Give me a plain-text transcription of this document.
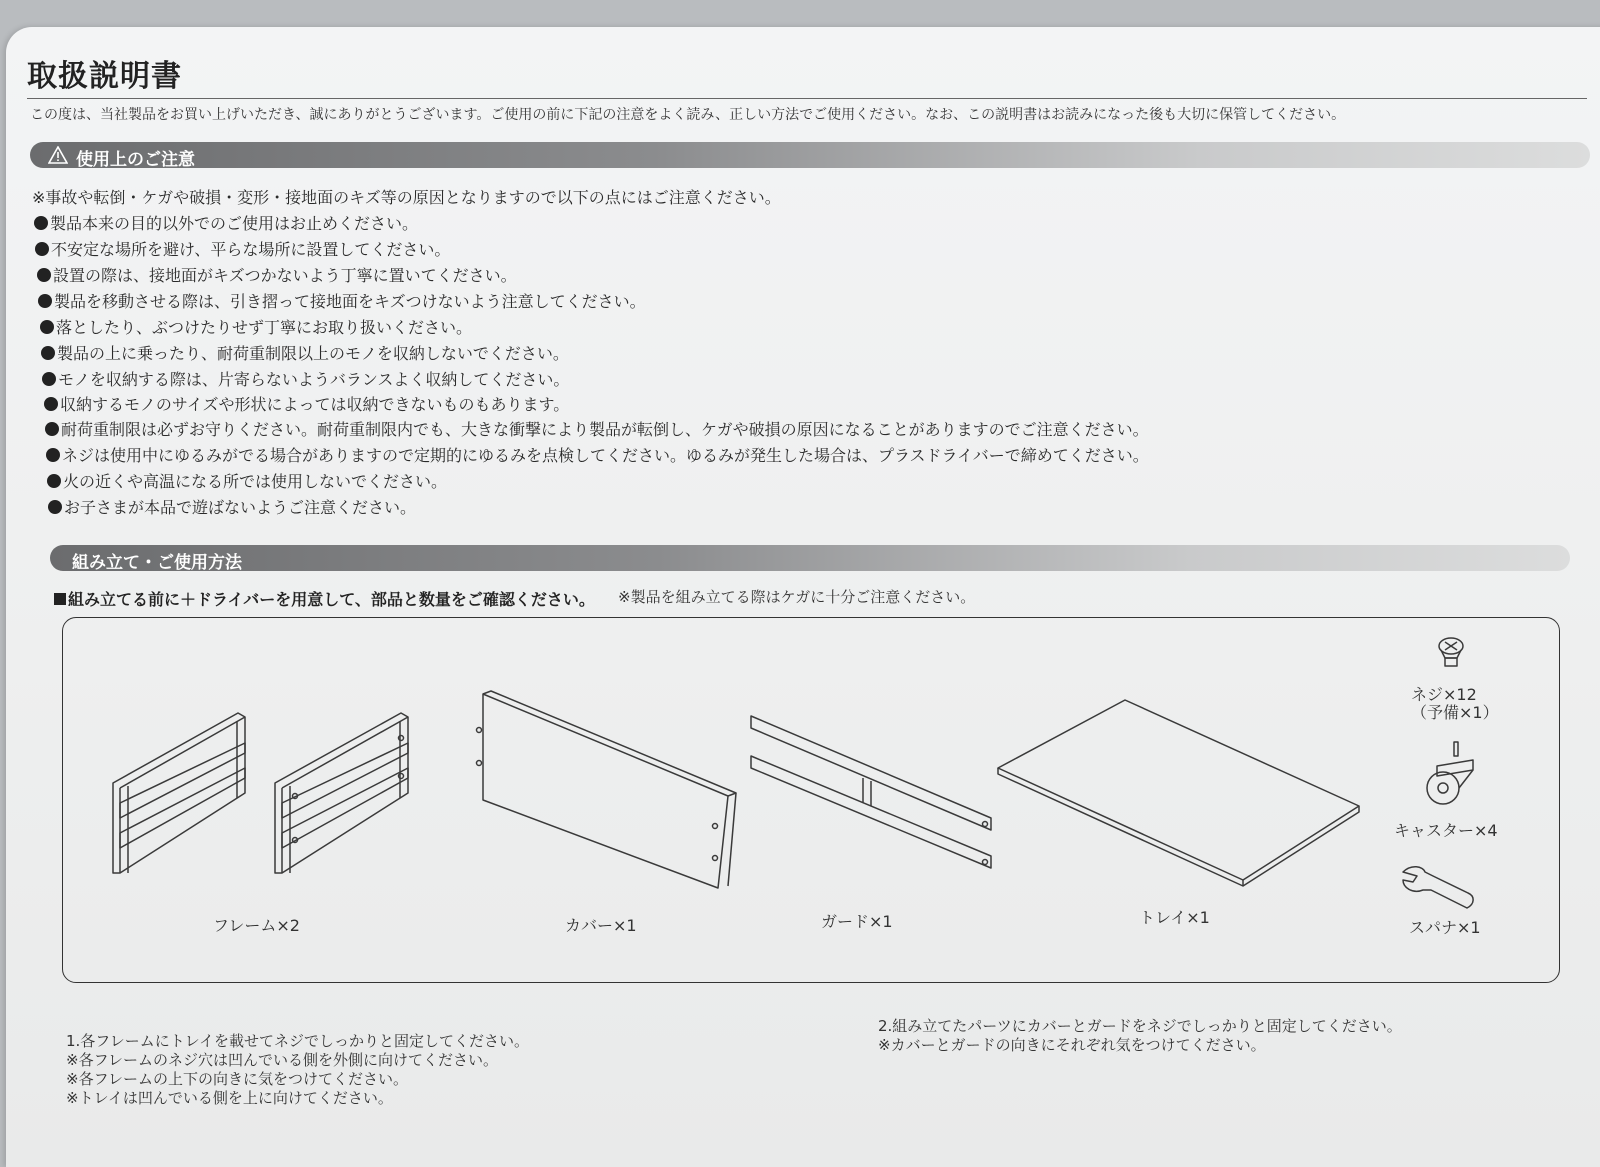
取扱説明書
この度は、当社製品をお買い上げいただき、誠にありがとうございます。ご使用の前に下記の注意をよく読み、正しい方法でご使用ください。なお、この説明書はお読みになった後も大切に保管してください。
使用上のご注意
※事故や転倒・ケガや破損・変形・接地面のキズ等の原因となりますので以下の点にはご注意ください。
製品本来の目的以外でのご使用はお止めください。
不安定な場所を避け、平らな場所に設置してください。
設置の際は、接地面がキズつかないよう丁寧に置いてください。
製品を移動させる際は、引き摺って接地面をキズつけないよう注意してください。
落としたり、ぶつけたりせず丁寧にお取り扱いください。
製品の上に乗ったり、耐荷重制限以上のモノを収納しないでください。
モノを収納する際は、片寄らないようバランスよく収納してください。
収納するモノのサイズや形状によっては収納できないものもあります。
耐荷重制限は必ずお守りください。耐荷重制限内でも、大きな衝撃により製品が転倒し、ケガや破損の原因になることがありますのでご注意ください。
ネジは使用中にゆるみがでる場合がありますので定期的にゆるみを点検してください。ゆるみが発生した場合は、プラスドライバーで締めてください。
火の近くや高温になる所では使用しないでください。
お子さまが本品で遊ばないようご注意ください。
組み立て・ご使用方法
組み立てる前に＋ドライバーを用意して、部品と数量をご確認ください。 ※製品を組み立てる際はケガに十分ご注意ください。
フレーム×2	カバー×1	ガード×1	トレイ×1
ネジ×12
（予備×1）
キャスター×4
スパナ×1
1.各フレームにトレイを載せてネジでしっかりと固定してください。
※各フレームのネジ穴は凹んでいる側を外側に向けてください。
※各フレームの上下の向きに気をつけてください。
※トレイは凹んでいる側を上に向けてください。
2.組み立てたパーツにカバーとガードをネジでしっかりと固定してください。
※カバーとガードの向きにそれぞれ気をつけてください。
